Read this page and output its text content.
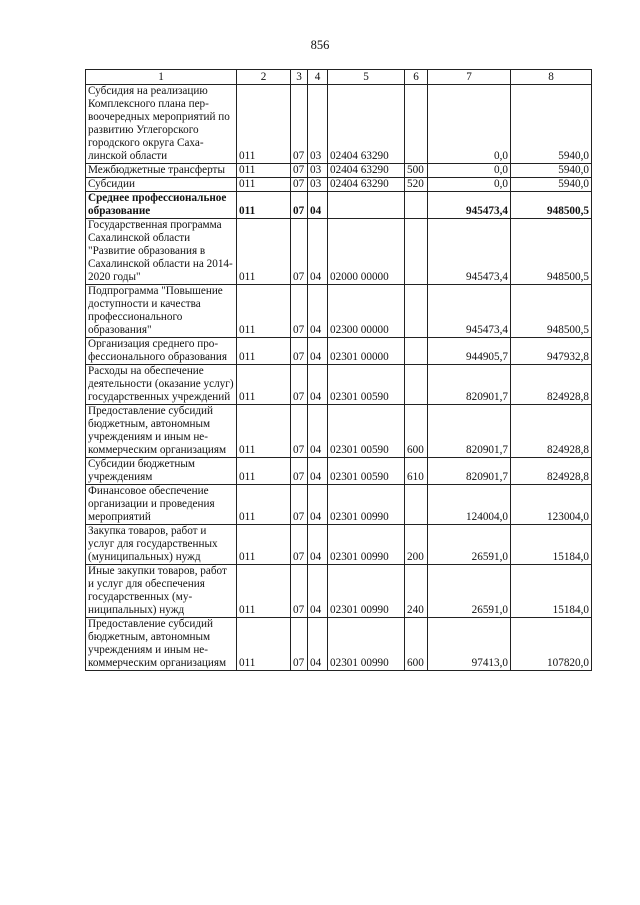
856
1	2	3	4	5	6	7	8
Субсидия на реализацию Комплексного плана первоочередных мероприятий по развитию Углегорского городского округа Сахалинской области	011	07	03	02404 63290		0,0	5940,0
Межбюджетные трансферты	011	07	03	02404 63290	500	0,0	5940,0
Субсидии	011	07	03	02404 63290	520	0,0	5940,0
Среднее профессиональное образование	011	07	04			945473,4	948500,5
Государственная программа Сахалинской области "Развитие образования в Сахалинской области на 2014-2020 годы"	011	07	04	02000 00000		945473,4	948500,5
Подпрограмма "Повышение доступности и качества профессионального образования"	011	07	04	02300 00000		945473,4	948500,5
Организация среднего профессионального образования	011	07	04	02301 00000		944905,7	947932,8
Расходы на обеспечение деятельности (оказание услуг) государственных учреждений	011	07	04	02301 00590		820901,7	824928,8
Предоставление субсидий бюджетным, автономным учреждениям и иным некоммерческим организациям	011	07	04	02301 00590	600	820901,7	824928,8
Субсидии бюджетным учреждениям	011	07	04	02301 00590	610	820901,7	824928,8
Финансовое обеспечение организации и проведения мероприятий	011	07	04	02301 00990		124004,0	123004,0
Закупка товаров, работ и услуг для государственных (муниципальных) нужд	011	07	04	02301 00990	200	26591,0	15184,0
Иные закупки товаров, работ и услуг для обеспечения государственных (муниципальных) нужд	011	07	04	02301 00990	240	26591,0	15184,0
Предоставление субсидий бюджетным, автономным учреждениям и иным некоммерческим организациям	011	07	04	02301 00990	600	97413,0	107820,0
